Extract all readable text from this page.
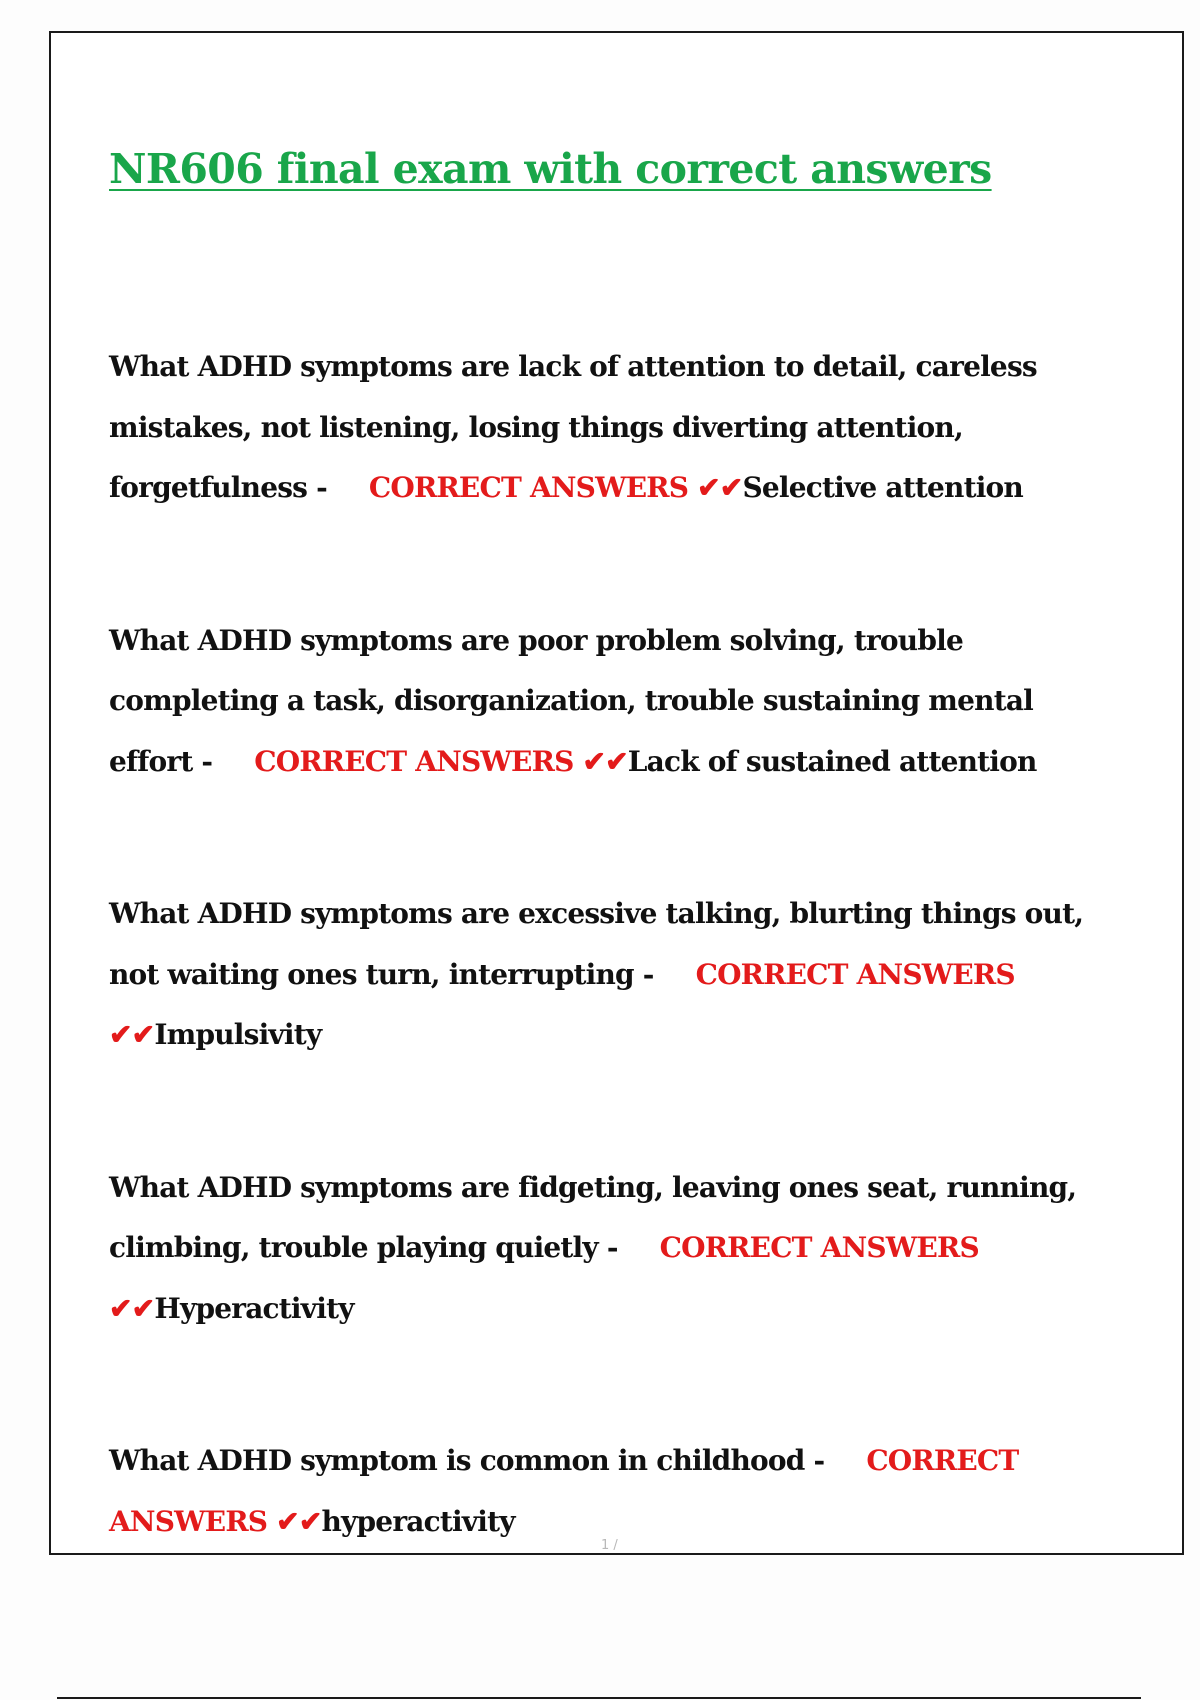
NR606 final exam with correct answers

What ADHD symptoms are lack of attention to detail, careless mistakes, not listening, losing things diverting attention, forgetfulness - CORRECT ANSWERS ✔✔Selective attention

What ADHD symptoms are poor problem solving, trouble completing a task, disorganization, trouble sustaining mental effort - CORRECT ANSWERS ✔✔Lack of sustained attention

What ADHD symptoms are excessive talking, blurting things out, not waiting ones turn, interrupting - CORRECT ANSWERS ✔✔Impulsivity

What ADHD symptoms are fidgeting, leaving ones seat, running, climbing, trouble playing quietly - CORRECT ANSWERS ✔✔Hyperactivity

What ADHD symptom is common in childhood - CORRECT ANSWERS ✔✔hyperactivity

1 /
